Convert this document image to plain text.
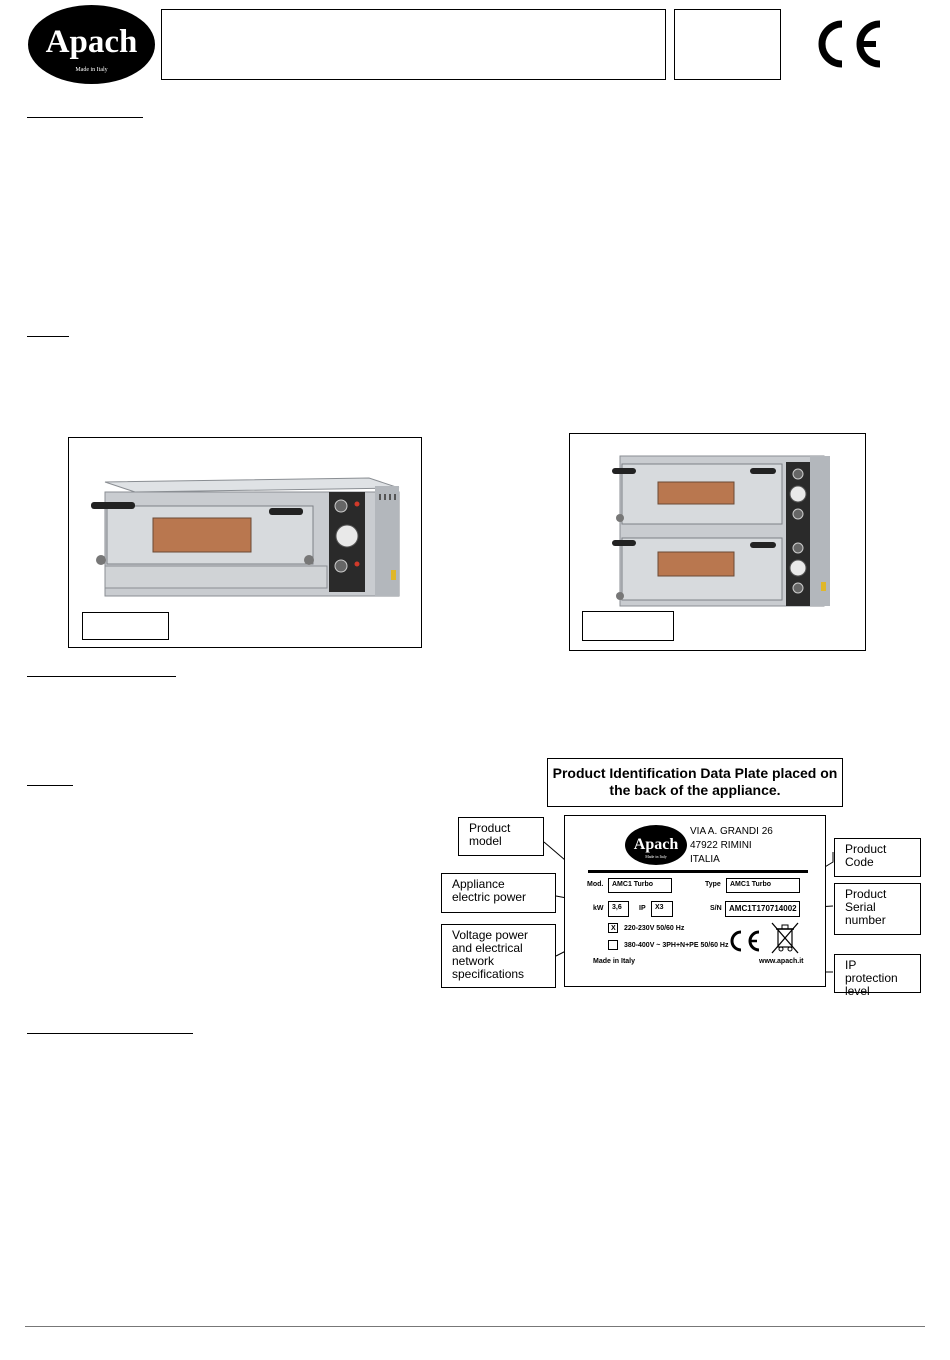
Apach
Made in Italy
Product Identification Data Plate placed on the back of the appliance.
Apach
Made in Italy
VIA A. GRANDI 26
47922 RIMINI
ITALIA
Mod.	AMC1 Turbo	Type	AMC1 Turbo
kW	3,6	IP	X3	S/N AMC1T170714002
X	220-230V 50/60 Hz
380-400V ~ 3PH+N+PE 50/60 Hz
Made in Italy	www.apach.it
Product model
Appliance electric power
Voltage power and electrical network specifications
Product Code
Product Serial number
IP protection level
